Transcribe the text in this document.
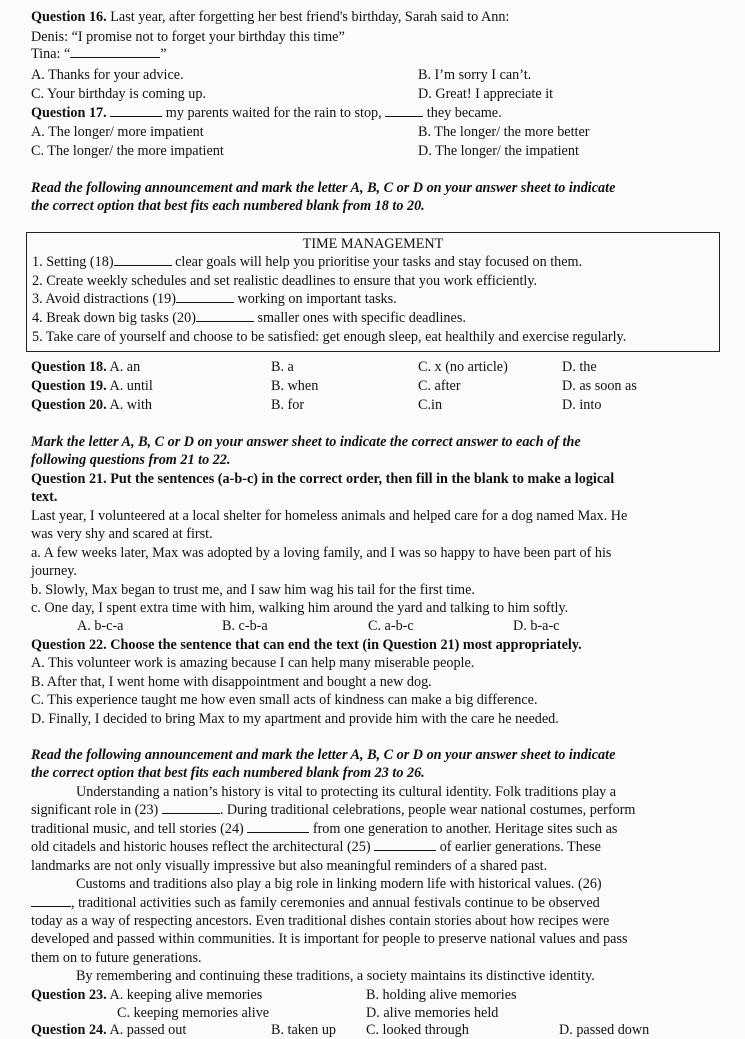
Question 16. Last year, after forgetting her best friend's birthday, Sarah said to Ann:
Denis: “I promise not to forget your birthday this time”
Tina: “	”
A. Thanks for your advice.	B. I’m sorry I can’t.
C. Your birthday is coming up.	D. Great! I appreciate it
Question 17.	my parents waited for the rain to stop,	they became.
A. The longer/ more impatient	B. The longer/ the more better
C. The longer/ the more impatient	D. The longer/ the impatient
Read the following announcement and mark the letter A, B, C or D on your answer sheet to indicate
the correct option that best fits each numbered blank from 18 to 20.
TIME MANAGEMENT
1. Setting (18)	clear goals will help you prioritise your tasks and stay focused on them.
2. Create weekly schedules and set realistic deadlines to ensure that you work efficiently.
3. Avoid distractions (19)	working on important tasks.
4. Break down big tasks (20)	smaller ones with specific deadlines.
5. Take care of yourself and choose to be satisfied: get enough sleep, eat healthily and exercise regularly.
Question 18. A. an	B. a	C. x (no article)	D. the
Question 19. A. until	B. when	C. after	D. as soon as
Question 20. A. with	B. for	C.in	D. into
Mark the letter A, B, C or D on your answer sheet to indicate the correct answer to each of the
following questions from 21 to 22.
Question 21. Put the sentences (a-b-c) in the correct order, then fill in the blank to make a logical
text.
Last year, I volunteered at a local shelter for homeless animals and helped care for a dog named Max. He
was very shy and scared at first.
a. A few weeks later, Max was adopted by a loving family, and I was so happy to have been part of his
journey.
b. Slowly, Max began to trust me, and I saw him wag his tail for the first time.
c. One day, I spent extra time with him, walking him around the yard and talking to him softly.
A. b-c-a	B. c-b-a	C. a-b-c	D. b-a-c
Question 22. Choose the sentence that can end the text (in Question 21) most appropriately.
A. This volunteer work is amazing because I can help many miserable people.
B. After that, I went home with disappointment and bought a new dog.
C. This experience taught me how even small acts of kindness can make a big difference.
D. Finally, I decided to bring Max to my apartment and provide him with the care he needed.
Read the following announcement and mark the letter A, B, C or D on your answer sheet to indicate
the correct option that best fits each numbered blank from 23 to 26.
Understanding a nation’s history is vital to protecting its cultural identity. Folk traditions play a
significant role in (23)	. During traditional celebrations, people wear national costumes, perform
traditional music, and tell stories (24)	from one generation to another. Heritage sites such as
old citadels and historic houses reflect the architectural (25)	of earlier generations. These
landmarks are not only visually impressive but also meaningful reminders of a shared past.
Customs and traditions also play a big role in linking modern life with historical values. (26)
, traditional activities such as family ceremonies and annual festivals continue to be observed
today as a way of respecting ancestors. Even traditional dishes contain stories about how recipes were
developed and passed within communities. It is important for people to preserve national values and pass
them on to future generations.
By remembering and continuing these traditions, a society maintains its distinctive identity.
Question 23. A. keeping alive memories	B. holding alive memories
C. keeping memories alive	D. alive memories held
Question 24. A. passed out	B. taken up C. looked through	D. passed down
